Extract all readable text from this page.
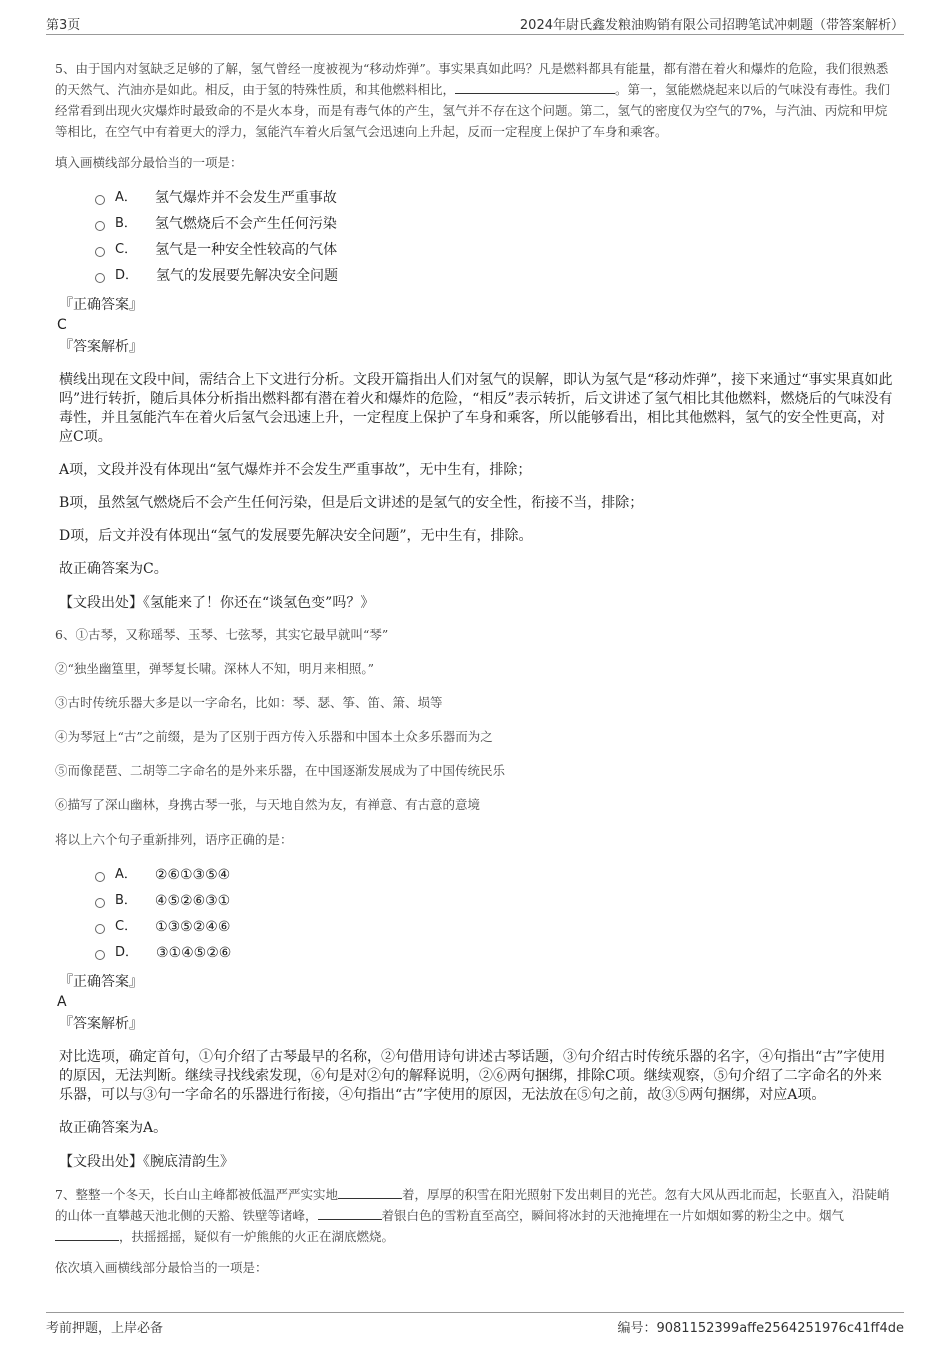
第3页	2024年尉氏鑫发粮油购销有限公司招聘笔试冲刺题（带答案解析）

5、由于国内对氢缺乏足够的了解，氢气曾经一度被视为“移动炸弹”。事实果真如此吗？凡是燃料都具有能量，都有潜在着火和爆炸的危险，我们很熟悉的天然气、汽油亦是如此。相反，由于氢的特殊性质，和其他燃料相比，	。第一，氢能燃烧起来以后的气味没有毒性。我们经常看到出现火灾爆炸时最致命的不是火本身，而是有毒气体的产生，氢气并不存在这个问题。第二，氢气的密度仅为空气的7%，与汽油、丙烷和甲烷等相比，在空气中有着更大的浮力，氢能汽车着火后氢气会迅速向上升起，反而一定程度上保护了车身和乘客。

填入画横线部分最恰当的一项是：

A． 氢气爆炸并不会发生严重事故
B． 氢气燃烧后不会产生任何污染
C． 氢气是一种安全性较高的气体
D． 氢气的发展要先解决安全问题
『正确答案』
C
『答案解析』

横线出现在文段中间，需结合上下文进行分析。文段开篇指出人们对氢气的误解，即认为氢气是“移动炸弹”，接下来通过“事实果真如此吗”进行转折，随后具体分析指出燃料都有潜在着火和爆炸的危险，“相反”表示转折，后文讲述了氢气相比其他燃料，燃烧后的气味没有毒性，并且氢能汽车在着火后氢气会迅速上升，一定程度上保护了车身和乘客，所以能够看出，相比其他燃料，氢气的安全性更高，对应C项。

A项，文段并没有体现出“氢气爆炸并不会发生严重事故”，无中生有，排除；

B项，虽然氢气燃烧后不会产生任何污染，但是后文讲述的是氢气的安全性，衔接不当，排除；

D项，后文并没有体现出“氢气的发展要先解决安全问题”，无中生有，排除。

故正确答案为C。

【文段出处】《氢能来了！你还在“谈氢色变”吗？》

6、①古琴，又称瑶琴、玉琴、七弦琴，其实它最早就叫“琴”

②“独坐幽篁里，弹琴复长啸。深林人不知，明月来相照。”

③古时传统乐器大多是以一字命名，比如：琴、瑟、筝、笛、箫、埙等

④为琴冠上“古”之前缀，是为了区别于西方传入乐器和中国本土众多乐器而为之

⑤而像琵琶、二胡等二字命名的是外来乐器，在中国逐渐发展成为了中国传统民乐

⑥描写了深山幽林，身携古琴一张，与天地自然为友，有禅意、有古意的意境

将以上六个句子重新排列，语序正确的是：

A． ②⑥①③⑤④
B． ④⑤②⑥③①
C． ①③⑤②④⑥
D． ③①④⑤②⑥
『正确答案』
A
『答案解析』

对比选项，确定首句，①句介绍了古琴最早的名称，②句借用诗句讲述古琴话题，③句介绍古时传统乐器的名字，④句指出“古”字使用的原因，无法判断。继续寻找线索发现，⑥句是对②句的解释说明，②⑥两句捆绑，排除C项。继续观察，⑤句介绍了二字命名的外来乐器，可以与③句一字命名的乐器进行衔接，④句指出“古”字使用的原因，无法放在⑤句之前，故③⑤两句捆绑，对应A项。

故正确答案为A。

【文段出处】《腕底清韵生》

7、整整一个冬天，长白山主峰都被低温严严实实地	着，厚厚的积雪在阳光照射下发出刺目的光芒。忽有大风从西北而起，长驱直入，沿陡峭的山体一直攀越天池北侧的天豁、铁壁等诸峰，	着银白色的雪粉直至高空，瞬间将冰封的天池掩埋在一片如烟如雾的粉尘之中。烟气，扶摇摇摇，疑似有一炉熊熊的火正在湖底燃烧。

依次填入画横线部分最恰当的一项是：

考前押题，上岸必备	编号：9081152399affe2564251976c41ff4de
